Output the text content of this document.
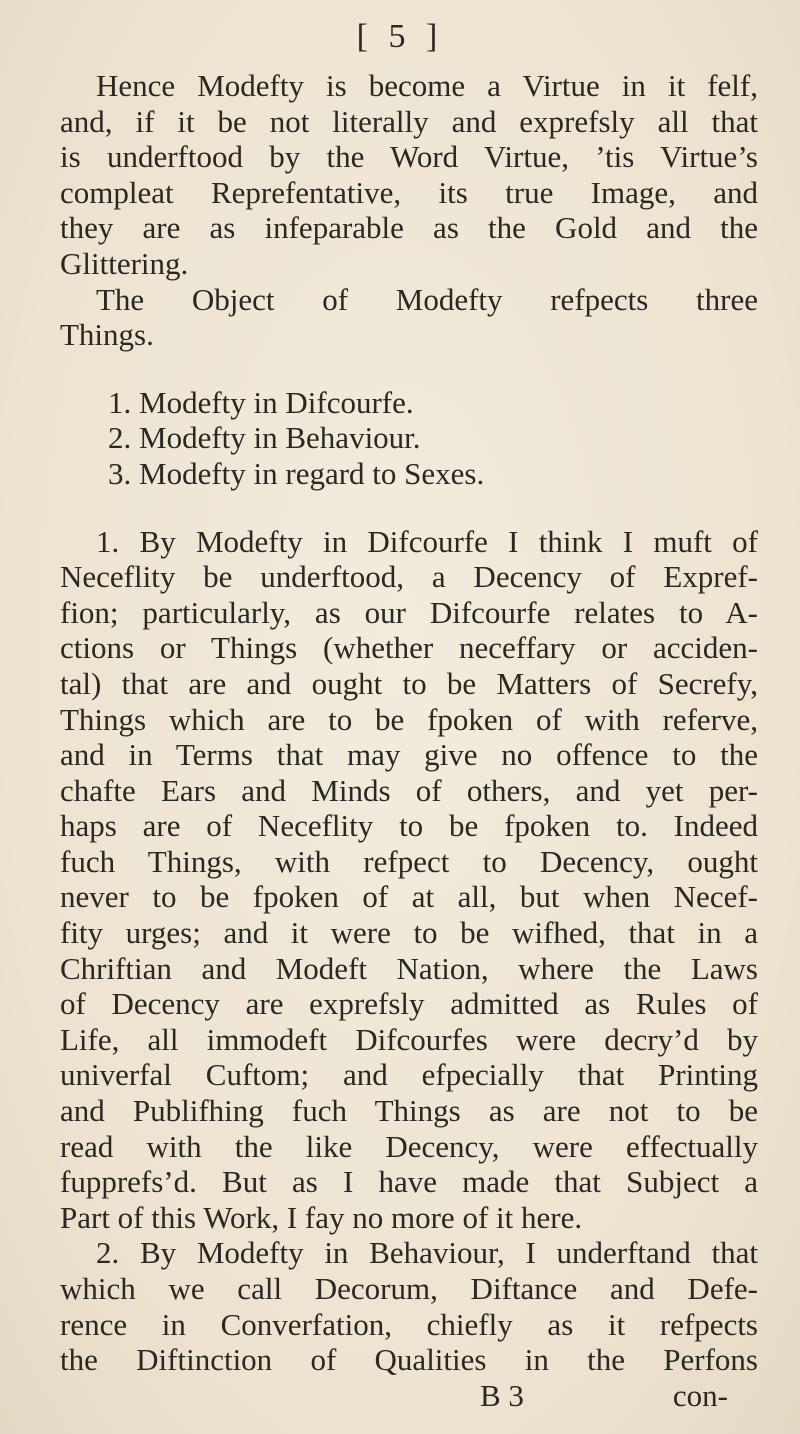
[ 5 ]
Hence Modefty is become a Virtue in it felf,
and, if it be not literally and exprefsly all that
is underftood by the Word Virtue, ’tis Virtue’s
compleat Reprefentative, its true Image, and
they are as infeparable as the Gold and the
Glittering.
The Object of Modefty refpects three
Things.
1. Modefty in Difcourfe.
2. Modefty in Behaviour.
3. Modefty in regard to Sexes.
1. By Modefty in Difcourfe I think I muft of
Neceflity be underftood, a Decency of Expref-
fion; particularly, as our Difcourfe relates to A-
ctions or Things (whether neceffary or acciden-
tal) that are and ought to be Matters of Secrefy,
Things which are to be fpoken of with referve,
and in Terms that may give no offence to the
chafte Ears and Minds of others, and yet per-
haps are of Neceflity to be fpoken to. Indeed
fuch Things, with refpect to Decency, ought
never to be fpoken of at all, but when Necef-
fity urges; and it were to be wifhed, that in a
Chriftian and Modeft Nation, where the Laws
of Decency are exprefsly admitted as Rules of
Life, all immodeft Difcourfes were decry’d by
univerfal Cuftom; and efpecially that Printing
and Publifhing fuch Things as are not to be
read with the like Decency, were effectually
fupprefs’d. But as I have made that Subject a
Part of this Work, I fay no more of it here.
2. By Modefty in Behaviour, I underftand that
which we call Decorum, Diftance and Defe-
rence in Converfation, chiefly as it refpects
the Diftinction of Qualities in the Perfons
B 3	con-
